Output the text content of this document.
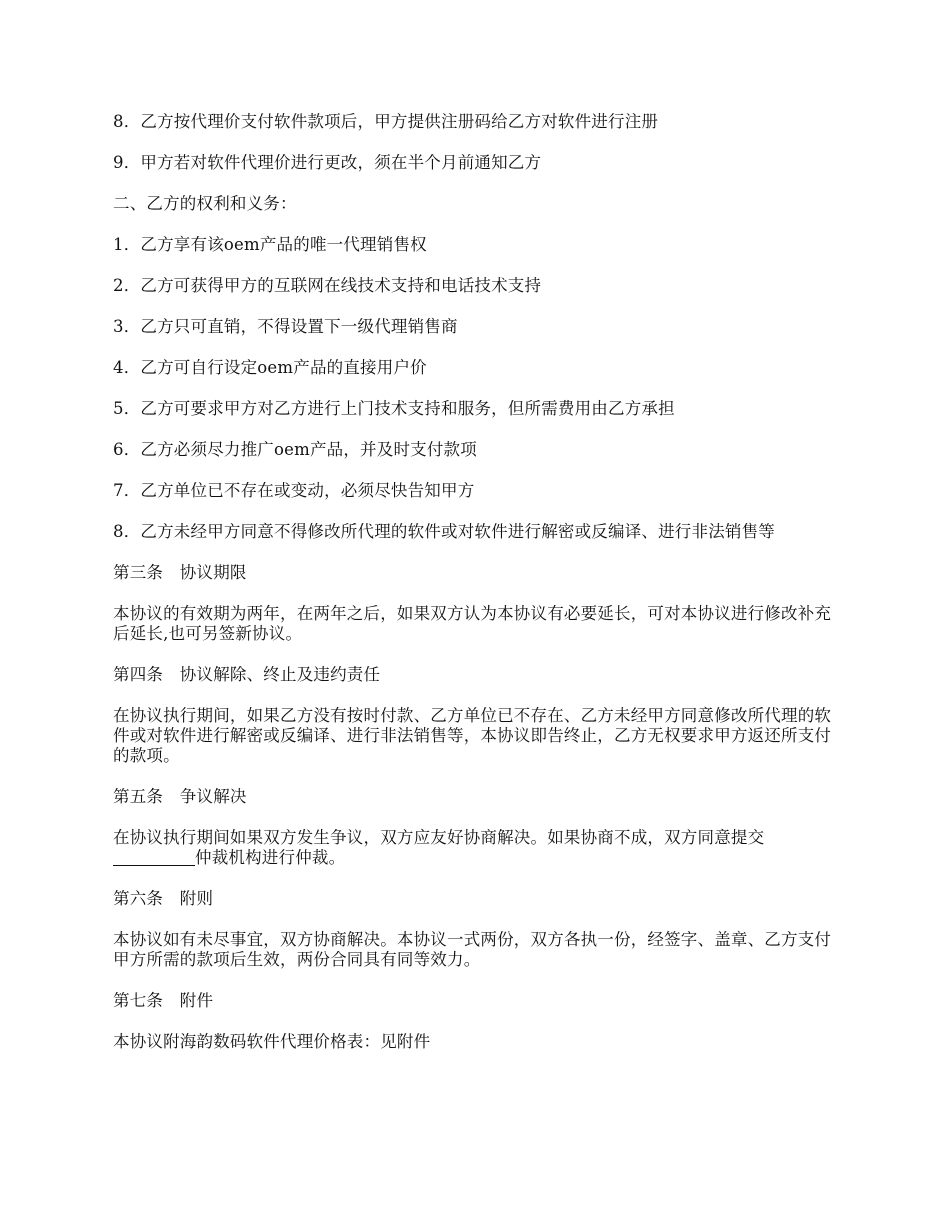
8．乙方按代理价支付软件款项后，甲方提供注册码给乙方对软件进行注册

9．甲方若对软件代理价进行更改，须在半个月前通知乙方

二、乙方的权利和义务：

1．乙方享有该oem产品的唯一代理销售权

2．乙方可获得甲方的互联网在线技术支持和电话技术支持

3．乙方只可直销，不得设置下一级代理销售商

4．乙方可自行设定oem产品的直接用户价

5．乙方可要求甲方对乙方进行上门技术支持和服务，但所需费用由乙方承担

6．乙方必须尽力推广oem产品，并及时支付款项

7．乙方单位已不存在或变动，必须尽快告知甲方

8．乙方未经甲方同意不得修改所代理的软件或对软件进行解密或反编译、进行非法销售等

第三条　协议期限

本协议的有效期为两年，在两年之后，如果双方认为本协议有必要延长，可对本协议进行修改补充后延长,也可另签新协议。

第四条　协议解除、终止及违约责任

在协议执行期间，如果乙方没有按时付款、乙方单位已不存在、乙方未经甲方同意修改所代理的软件或对软件进行解密或反编译、进行非法销售等，本协议即告终止，乙方无权要求甲方返还所支付的款项。

第五条　争议解决

在协议执行期间如果双方发生争议，双方应友好协商解决。如果协商不成，双方同意提交
仲裁机构进行仲裁。

第六条　附则

本协议如有未尽事宜，双方协商解决。本协议一式两份，双方各执一份，经签字、盖章、乙方支付甲方所需的款项后生效，两份合同具有同等效力。

第七条　附件

本协议附海韵数码软件代理价格表：见附件
